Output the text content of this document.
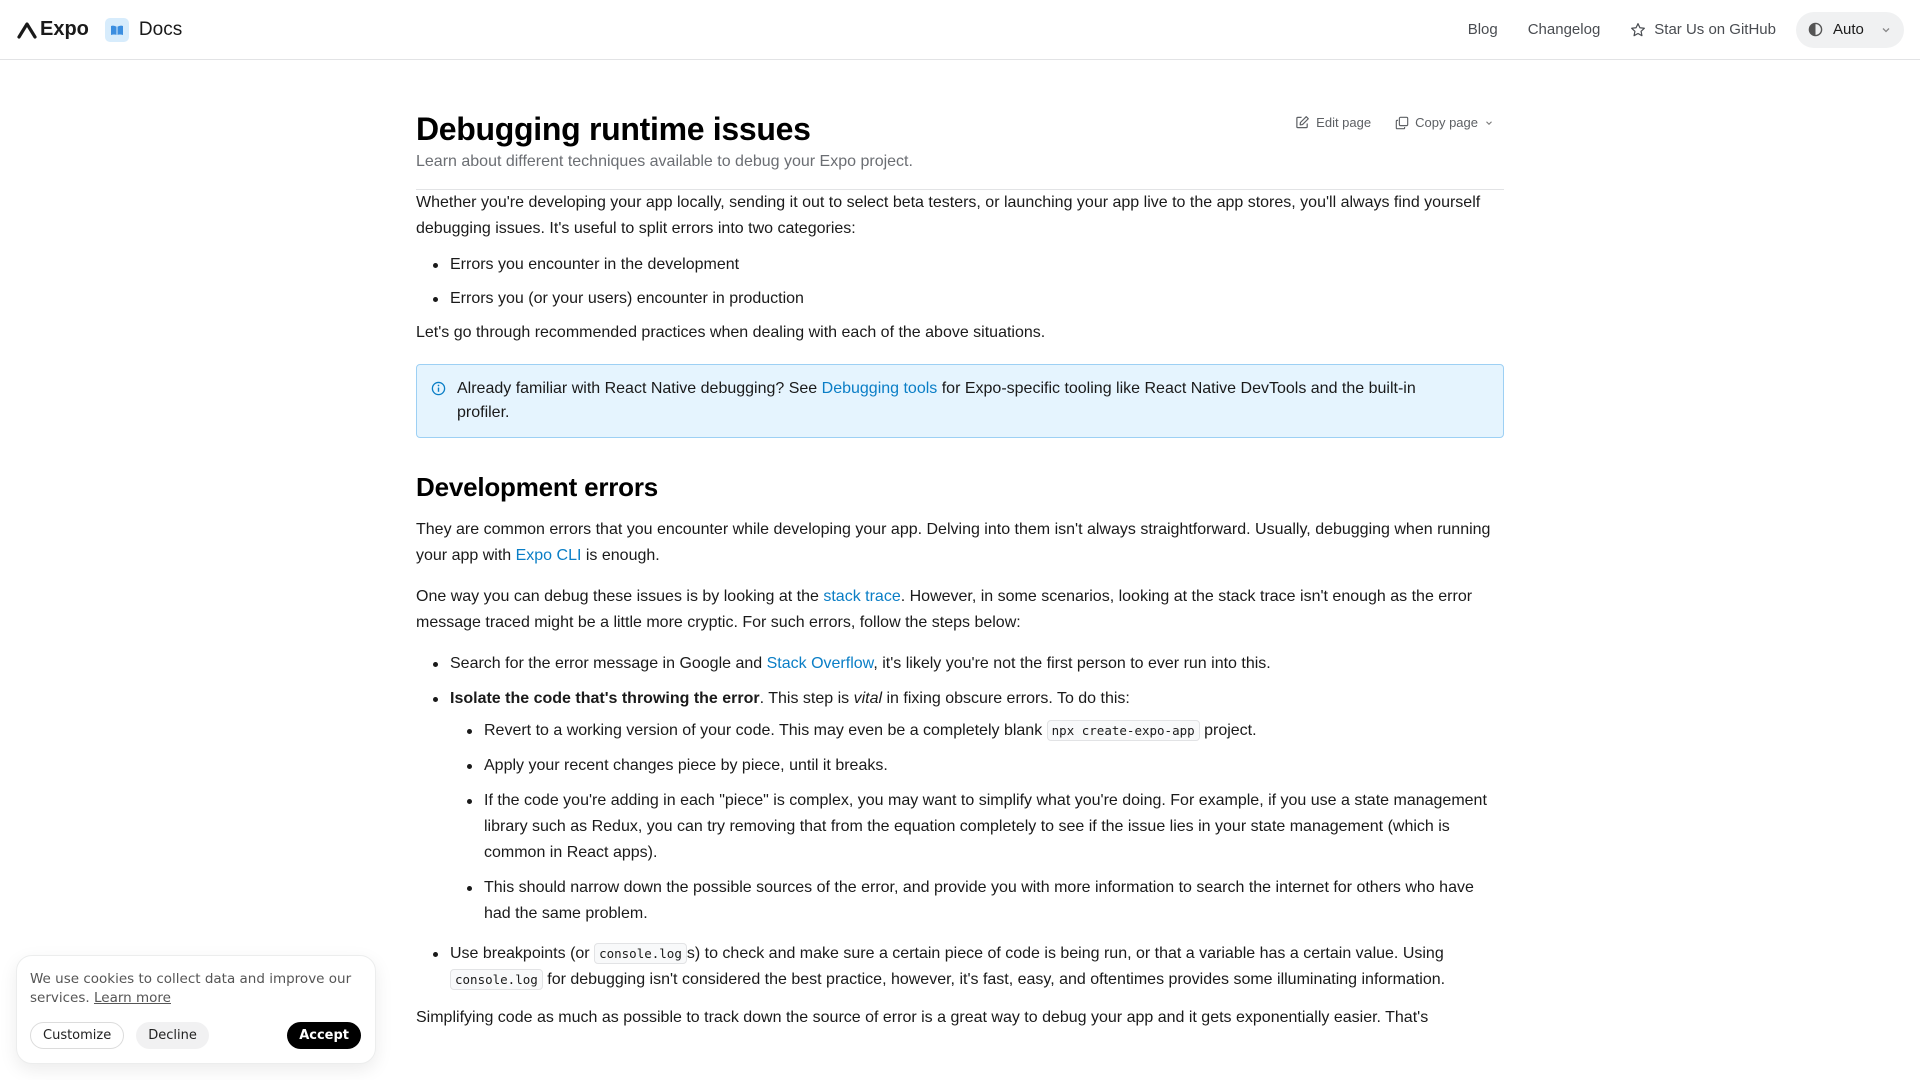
Expo	Docs	Blog Changelog	Star Us on GitHub	Auto
Debugging runtime issues
Learn about different techniques available to debug your Expo project.
Edit page	Copy page

Whether you're developing your app locally, sending it out to select beta testers, or launching your app live to the app stores, you'll always find yourself debugging issues. It's useful to split errors into two categories:

Errors you encounter in the development
Errors you (or your users) encounter in production

Let's go through recommended practices when dealing with each of the above situations.

Already familiar with React Native debugging? See Debugging tools for Expo-specific tooling like React Native DevTools and the built-in profiler.
Development errors

They are common errors that you encounter while developing your app. Delving into them isn't always straightforward. Usually, debugging when running your app with Expo CLI is enough.

One way you can debug these issues is by looking at the stack trace. However, in some scenarios, looking at the stack trace isn't enough as the error message traced might be a little more cryptic. For such errors, follow the steps below:

Search for the error message in Google and Stack Overflow, it's likely you're not the first person to ever run into this.
Isolate the code that's throwing the error. This step is vital in fixing obscure errors. To do this:
Revert to a working version of your code. This may even be a completely blank npx create-expo-app project.
Apply your recent changes piece by piece, until it breaks.
If the code you're adding in each "piece" is complex, you may want to simplify what you're doing. For example, if you use a state management library such as Redux, you can try removing that from the equation completely to see if the issue lies in your state management (which is common in React apps).
This should narrow down the possible sources of the error, and provide you with more information to search the internet for others who have had the same problem.
Use breakpoints (or console.log s) to check and make sure a certain piece of code is being run, or that a variable has a certain value. Using console.log for debugging isn't considered the best practice, however, it's fast, easy, and oftentimes provides some illuminating information.

Simplifying code as much as possible to track down the source of error is a great way to debug your app and it gets exponentially easier. That's

We use cookies to collect data and improve our services. Learn more
Customize	Decline	Accept
